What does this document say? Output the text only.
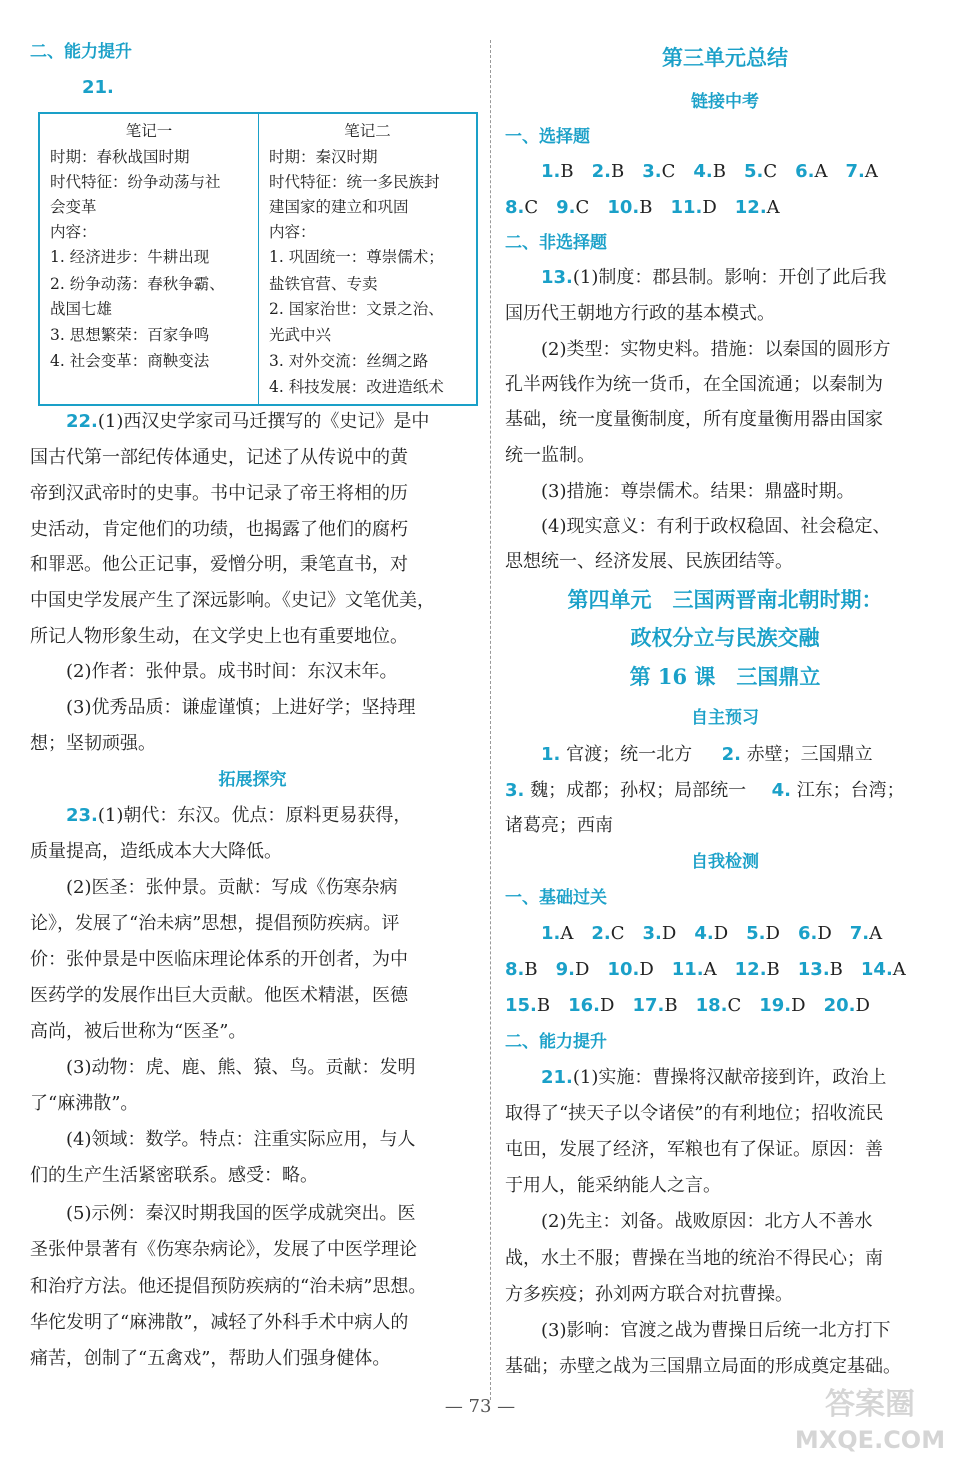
二、能力提升
21.
笔记一
时期：春秋战国时期
时代特征：纷争动荡与社
会变革
内容：
1. 经济进步：牛耕出现
2. 纷争动荡：春秋争霸、
战国七雄
3. 思想繁荣：百家争鸣
4. 社会变革：商鞅变法
笔记二
时期：秦汉时期
时代特征：统一多民族封
建国家的建立和巩固
内容：
1. 巩固统一：尊崇儒术；
盐铁官营、专卖
2. 国家治世：文景之治、
光武中兴
3. 对外交流：丝绸之路
4. 科技发展：改进造纸术
22.(1)西汉史学家司马迁撰写的《史记》是中
国古代第一部纪传体通史，记述了从传说中的黄
帝到汉武帝时的史事。书中记录了帝王将相的历
史活动，肯定他们的功绩，也揭露了他们的腐朽
和罪恶。他公正记事，爱憎分明，秉笔直书，对
中国史学发展产生了深远影响。《史记》文笔优美，
所记人物形象生动，在文学史上也有重要地位。
(2)作者：张仲景。成书时间：东汉末年。
(3)优秀品质：谦虚谨慎；上进好学；坚持理
想；坚韧顽强。
拓展探究
23.(1)朝代：东汉。优点：原料更易获得，
质量提高，造纸成本大大降低。
(2)医圣：张仲景。贡献：写成《伤寒杂病
论》，发展了“治未病”思想，提倡预防疾病。评
价：张仲景是中医临床理论体系的开创者，为中
医药学的发展作出巨大贡献。他医术精湛，医德
高尚，被后世称为“医圣”。
(3)动物：虎、鹿、熊、猿、鸟。贡献：发明
了“麻沸散”。
(4)领域：数学。特点：注重实际应用，与人
们的生产生活紧密联系。感受：略。
(5)示例：秦汉时期我国的医学成就突出。医
圣张仲景著有《伤寒杂病论》，发展了中医学理论
和治疗方法。他还提倡预防疾病的“治未病”思想。
华佗发明了“麻沸散”，减轻了外科手术中病人的
痛苦，创制了“五禽戏”，帮助人们强身健体。
第三单元总结
链接中考
一、选择题
1.B 2.B 3.C 4.B 5.C 6.A 7.A
8.C 9.C 10.B 11.D 12.A
二、非选择题
13.(1)制度：郡县制。影响：开创了此后我
国历代王朝地方行政的基本模式。
(2)类型：实物史料。措施：以秦国的圆形方
孔半两钱作为统一货币，在全国流通；以秦制为
基础，统一度量衡制度，所有度量衡用器由国家
统一监制。
(3)措施：尊崇儒术。结果：鼎盛时期。
(4)现实意义：有利于政权稳固、社会稳定、
思想统一、经济发展、民族团结等。
第四单元　三国两晋南北朝时期：
政权分立与民族交融
第 16 课　三国鼎立
自主预习
1. 官渡；统一北方 2. 赤壁；三国鼎立
3. 魏；成都；孙权；局部统一 4. 江东；台湾；
诸葛亮；西南
自我检测
一、基础过关
1.A 2.C 3.D 4.D 5.D 6.D 7.A
8.B 9.D 10.D 11.A 12.B 13.B 14.A
15.B 16.D 17.B 18.C 19.D 20.D
二、能力提升
21.(1)实施：曹操将汉献帝接到许，政治上
取得了“挟天子以令诸侯”的有利地位；招收流民
屯田，发展了经济，军粮也有了保证。原因：善
于用人，能采纳能人之言。
(2)先主：刘备。战败原因：北方人不善水
战，水土不服；曹操在当地的统治不得民心；南
方多疾疫；孙刘两方联合对抗曹操。
(3)影响：官渡之战为曹操日后统一北方打下
基础；赤壁之战为三国鼎立局面的形成奠定基础。
— 73 —	答案圈
MXQE.COM
